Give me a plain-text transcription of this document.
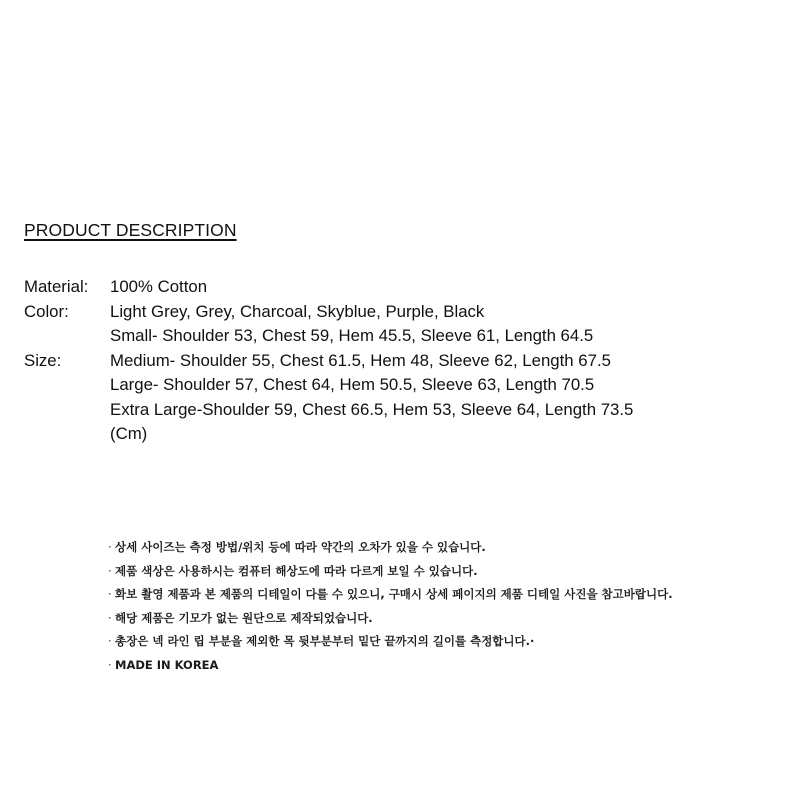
PRODUCT DESCRIPTION
Material:	100% Cotton
Color:	Light Grey, Grey, Charcoal, Skyblue, Purple, Black
Size:
Small- Shoulder 53, Chest 59, Hem 45.5, Sleeve 61, Length 64.5
Medium- Shoulder 55, Chest 61.5, Hem 48, Sleeve 62, Length 67.5
Large- Shoulder 57, Chest 64, Hem 50.5, Sleeve 63, Length 70.5
Extra Large-Shoulder 59, Chest 66.5, Hem 53, Sleeve 64, Length 73.5
(Cm)
· 상세 사이즈는 측정 방법/위치 등에 따라 약간의 오차가 있을 수 있습니다.
· 제품 색상은 사용하시는 컴퓨터 해상도에 따라 다르게 보일 수 있습니다.
· 화보 촬영 제품과 본 제품의 디테일이 다를 수 있으니, 구매시 상세 페이지의 제품 디테일 사진을 참고바랍니다.
· 해당 제품은 기모가 없는 원단으로 제작되었습니다.
· 총장은 넥 라인 립 부분을 제외한 목 뒷부분부터 밑단 끝까지의 길이를 측정합니다.·
· MADE IN KOREA
